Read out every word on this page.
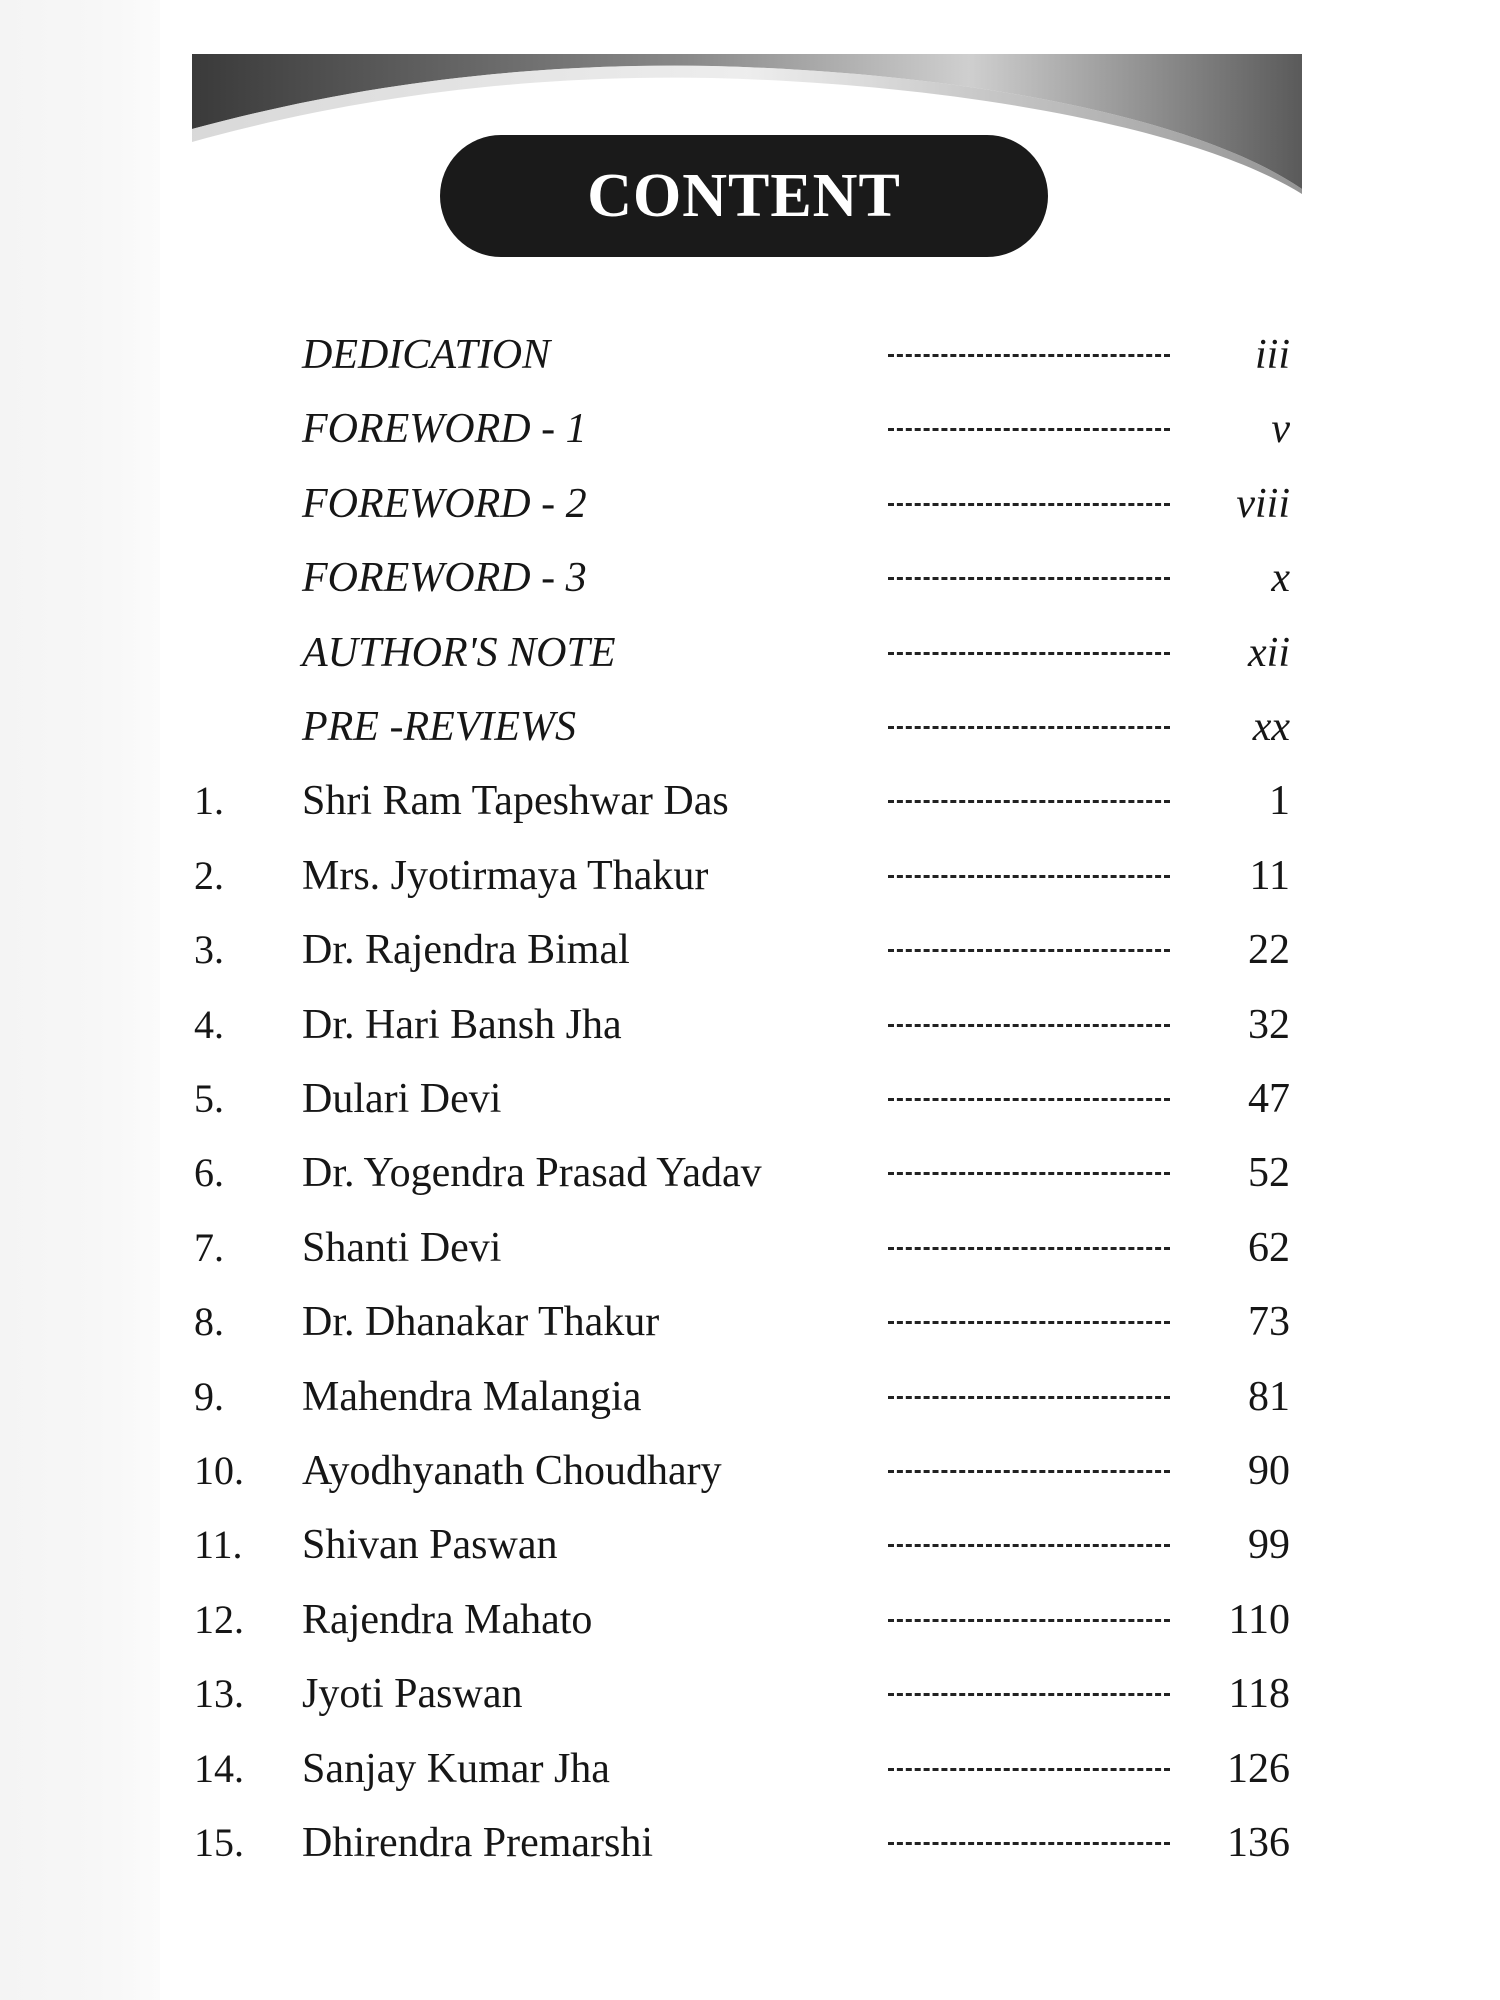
CONTENT
DEDICATION	iii
FOREWORD - 1	v
FOREWORD - 2	viii
FOREWORD - 3	x
AUTHOR'S NOTE	xii
PRE -REVIEWS	xx
1. Shri Ram Tapeshwar Das	1
2. Mrs. Jyotirmaya Thakur	11
3. Dr. Rajendra Bimal	22
4. Dr. Hari Bansh Jha	32
5. Dulari Devi	47
6. Dr. Yogendra Prasad Yadav	52
7. Shanti Devi	62
8. Dr. Dhanakar Thakur	73
9. Mahendra Malangia	81
10. Ayodhyanath Choudhary	90
11. Shivan Paswan	99
12. Rajendra Mahato	110
13. Jyoti Paswan	118
14. Sanjay Kumar Jha	126
15. Dhirendra Premarshi	136
